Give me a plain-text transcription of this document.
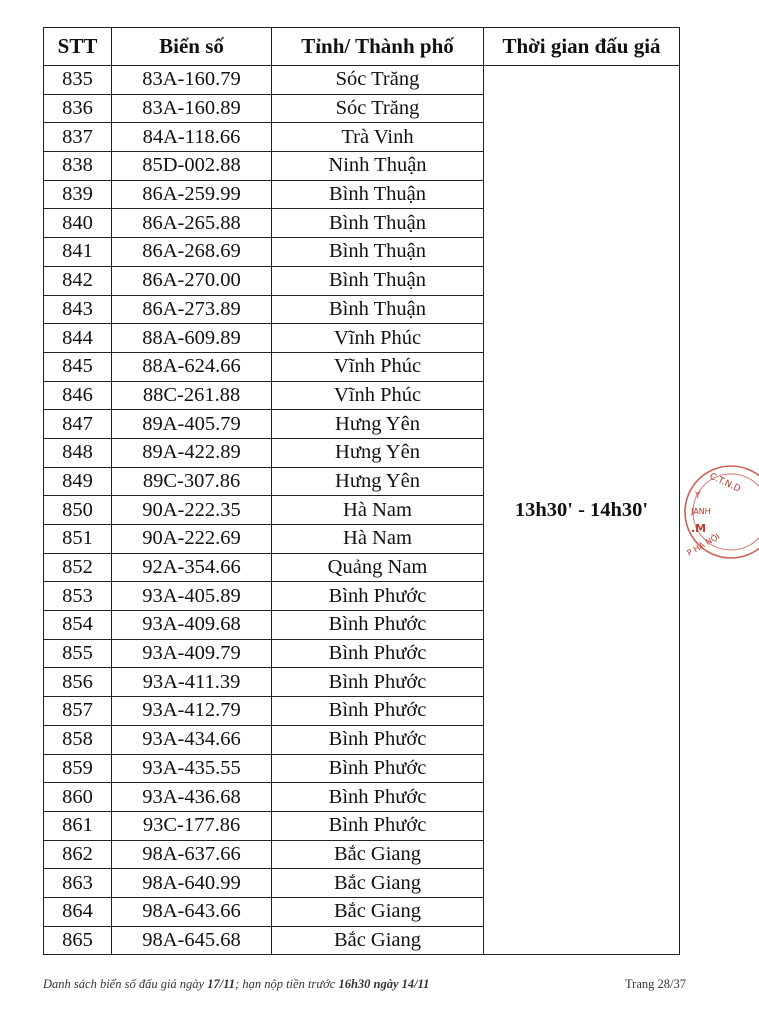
STT	Biển số	Tỉnh/ Thành phố	Thời gian đấu giá
835	83A-160.79	Sóc Trăng	13h30' - 14h30'
836	83A-160.89	Sóc Trăng	
837	84A-118.66	Trà Vinh	
838	85D-002.88	Ninh Thuận	
839	86A-259.99	Bình Thuận	
840	86A-265.88	Bình Thuận	
841	86A-268.69	Bình Thuận	
842	86A-270.00	Bình Thuận	
843	86A-273.89	Bình Thuận	
844	88A-609.89	Vĩnh Phúc	
845	88A-624.66	Vĩnh Phúc	
846	88C-261.88	Vĩnh Phúc	
847	89A-405.79	Hưng Yên	
848	89A-422.89	Hưng Yên	
849	89C-307.86	Hưng Yên	
850	90A-222.35	Hà Nam	
851	90A-222.69	Hà Nam	
852	92A-354.66	Quảng Nam	
853	93A-405.89	Bình Phước	
854	93A-409.68	Bình Phước	
855	93A-409.79	Bình Phước	
856	93A-411.39	Bình Phước	
857	93A-412.79	Bình Phước	
858	93A-434.66	Bình Phước	
859	93A-435.55	Bình Phước	
860	93A-436.68	Bình Phước	
861	93C-177.86	Bình Phước	
862	98A-637.66	Bắc Giang	
863	98A-640.99	Bắc Giang	
864	98A-643.66	Bắc Giang	
865	98A-645.68	Bắc Giang	
Danh sách biển số đấu giá ngày 17/11; hạn nộp tiền trước 16h30 ngày 14/11	Trang 28/37
C.T.N.D
Y
JANH
.M
P HÀ NỘI
